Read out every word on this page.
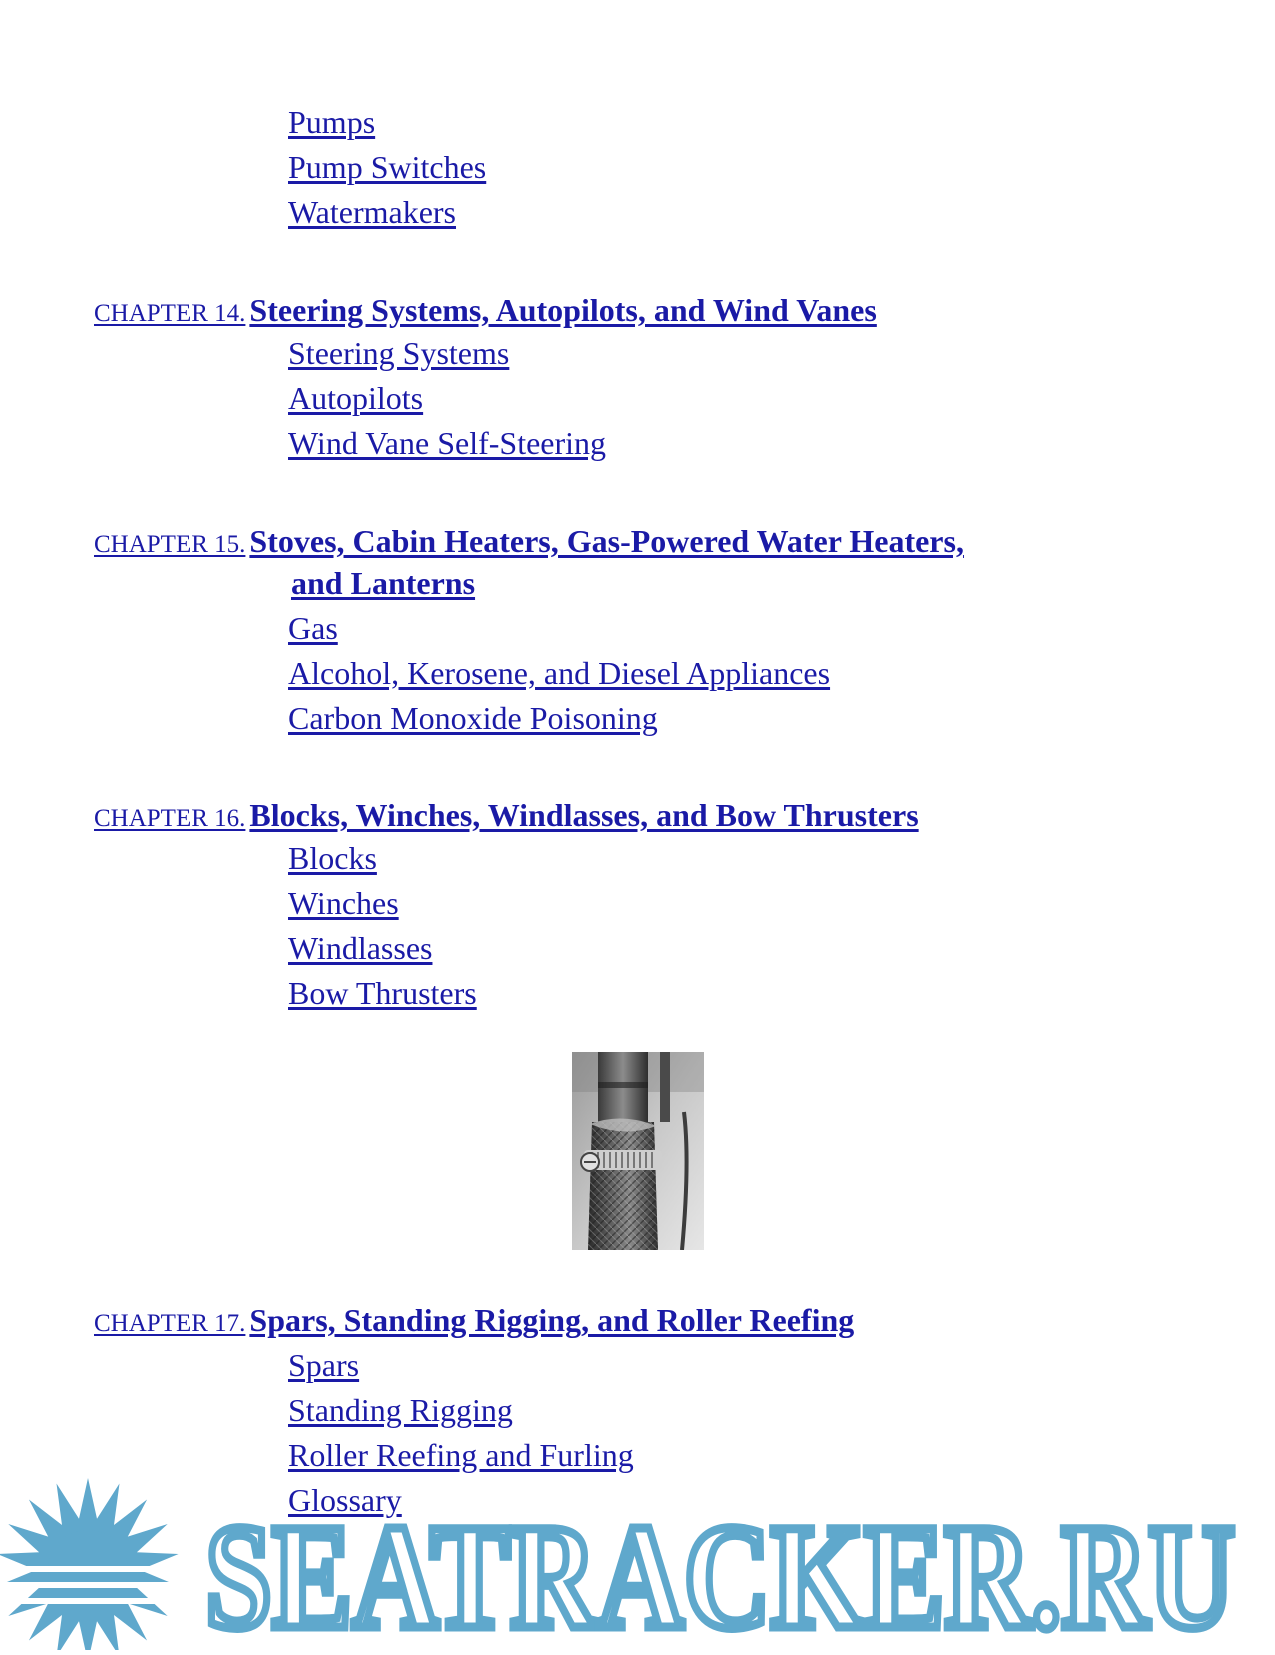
Pumps
Pump Switches
Watermakers
CHAPTER 14. Steering Systems, Autopilots, and Wind Vanes
Steering Systems
Autopilots
Wind Vane Self-Steering
CHAPTER 15. Stoves, Cabin Heaters, Gas-Powered Water Heaters,
and Lanterns
Gas
Alcohol, Kerosene, and Diesel Appliances
Carbon Monoxide Poisoning
CHAPTER 16. Blocks, Winches, Windlasses, and Bow Thrusters
Blocks
Winches
Windlasses
Bow Thrusters
CHAPTER 17. Spars, Standing Rigging, and Roller Reefing
Spars
Standing Rigging
Roller Reefing and Furling
Glossary
SEATRACKER.RU
